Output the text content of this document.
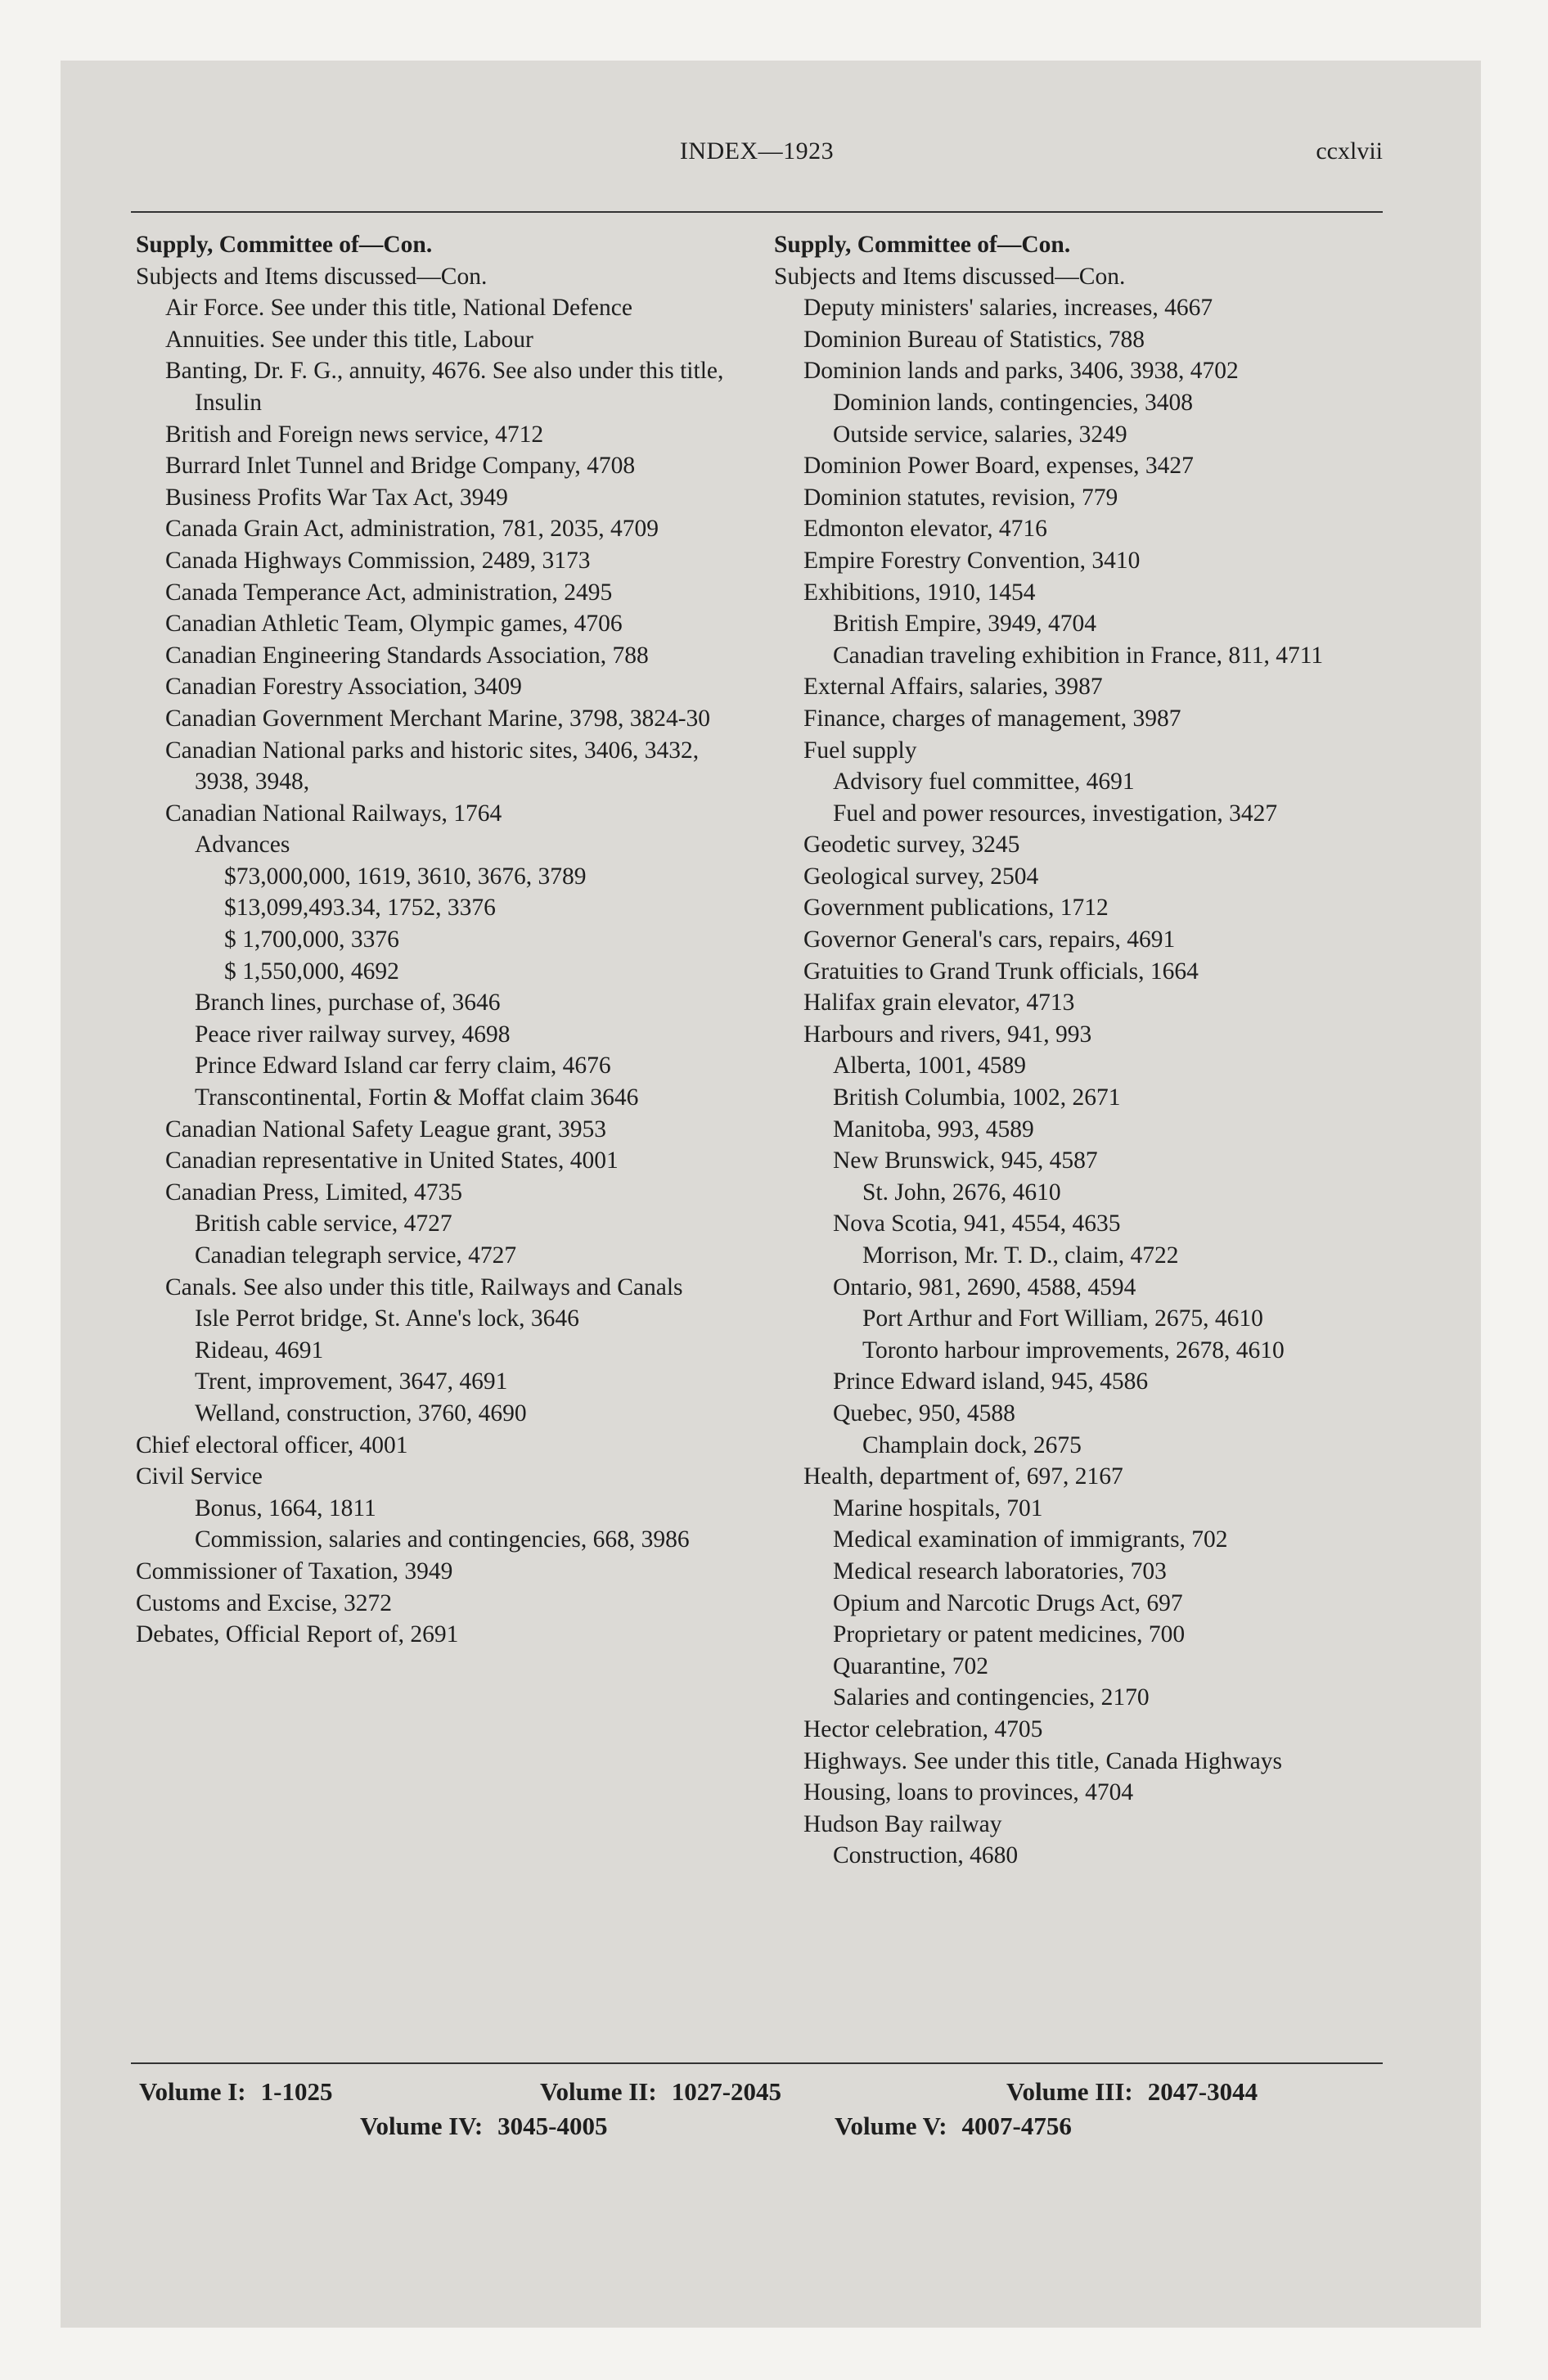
INDEX—1923	ccxlvii
Supply, Committee of—Con.
Subjects and Items discussed—Con.
Air Force. See under this title, National Defence
Annuities. See under this title, Labour
Banting, Dr. F. G., annuity, 4676. See also under this title, Insulin
British and Foreign news service, 4712
Burrard Inlet Tunnel and Bridge Company, 4708
Business Profits War Tax Act, 3949
Canada Grain Act, administration, 781, 2035, 4709
Canada Highways Commission, 2489, 3173
Canada Temperance Act, administration, 2495
Canadian Athletic Team, Olympic games, 4706
Canadian Engineering Standards Association, 788
Canadian Forestry Association, 3409
Canadian Government Merchant Marine, 3798, 3824-30
Canadian National parks and historic sites, 3406, 3432, 3938, 3948,
Canadian National Railways, 1764
Advances
$73,000,000, 1619, 3610, 3676, 3789
$13,099,493.34, 1752, 3376
$ 1,700,000, 3376
$ 1,550,000, 4692
Branch lines, purchase of, 3646
Peace river railway survey, 4698
Prince Edward Island car ferry claim, 4676
Transcontinental, Fortin & Moffat claim 3646
Canadian National Safety League grant, 3953
Canadian representative in United States, 4001
Canadian Press, Limited, 4735
British cable service, 4727
Canadian telegraph service, 4727
Canals. See also under this title, Railways and Canals
Isle Perrot bridge, St. Anne's lock, 3646
Rideau, 4691
Trent, improvement, 3647, 4691
Welland, construction, 3760, 4690
Chief electoral officer, 4001
Civil Service
Bonus, 1664, 1811
Commission, salaries and contingencies, 668, 3986
Commissioner of Taxation, 3949
Customs and Excise, 3272
Debates, Official Report of, 2691
Supply, Committee of—Con.
Subjects and Items discussed—Con.
Deputy ministers' salaries, increases, 4667
Dominion Bureau of Statistics, 788
Dominion lands and parks, 3406, 3938, 4702
Dominion lands, contingencies, 3408
Outside service, salaries, 3249
Dominion Power Board, expenses, 3427
Dominion statutes, revision, 779
Edmonton elevator, 4716
Empire Forestry Convention, 3410
Exhibitions, 1910, 1454
British Empire, 3949, 4704
Canadian traveling exhibition in France, 811, 4711
External Affairs, salaries, 3987
Finance, charges of management, 3987
Fuel supply
Advisory fuel committee, 4691
Fuel and power resources, investigation, 3427
Geodetic survey, 3245
Geological survey, 2504
Government publications, 1712
Governor General's cars, repairs, 4691
Gratuities to Grand Trunk officials, 1664
Halifax grain elevator, 4713
Harbours and rivers, 941, 993
Alberta, 1001, 4589
British Columbia, 1002, 2671
Manitoba, 993, 4589
New Brunswick, 945, 4587
St. John, 2676, 4610
Nova Scotia, 941, 4554, 4635
Morrison, Mr. T. D., claim, 4722
Ontario, 981, 2690, 4588, 4594
Port Arthur and Fort William, 2675, 4610
Toronto harbour improvements, 2678, 4610
Prince Edward island, 945, 4586
Quebec, 950, 4588
Champlain dock, 2675
Health, department of, 697, 2167
Marine hospitals, 701
Medical examination of immigrants, 702
Medical research laboratories, 703
Opium and Narcotic Drugs Act, 697
Proprietary or patent medicines, 700
Quarantine, 702
Salaries and contingencies, 2170
Hector celebration, 4705
Highways. See under this title, Canada Highways
Housing, loans to provinces, 4704
Hudson Bay railway
Construction, 4680
Volume I: 1-1025	Volume II: 1027-2045	Volume III: 2047-3044
Volume IV: 3045-4005	Volume V: 4007-4756
